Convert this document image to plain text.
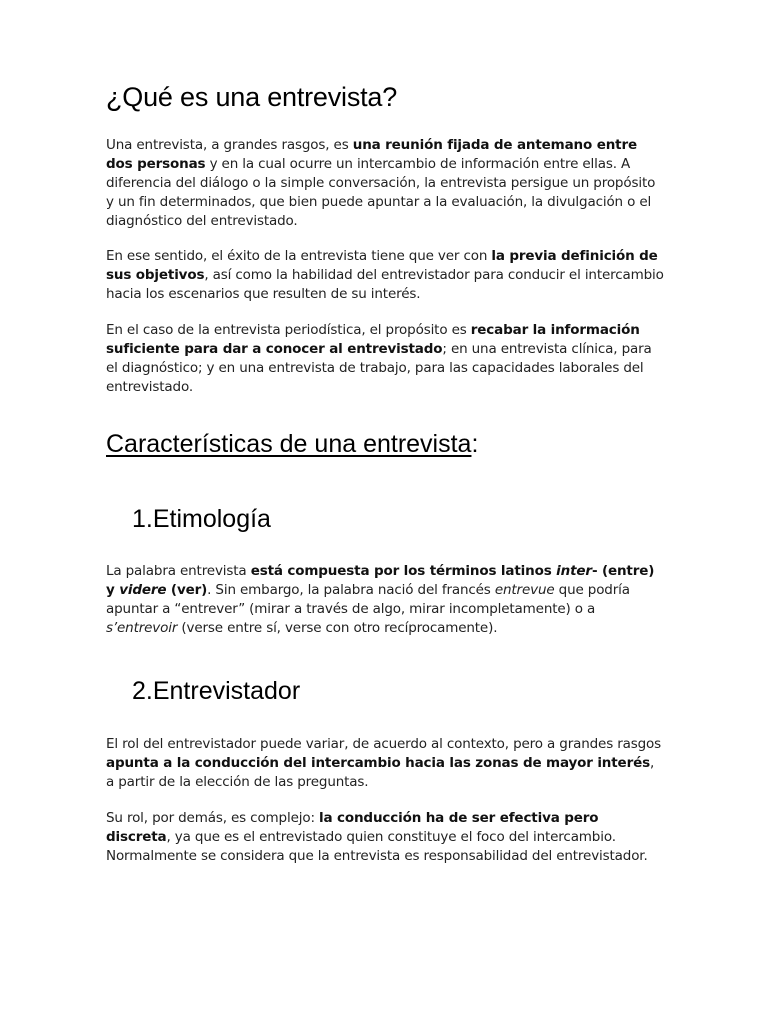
¿Qué es una entrevista?

Una entrevista, a grandes rasgos, es una reunión fijada de antemano entre dos personas y en la cual ocurre un intercambio de información entre ellas. A diferencia del diálogo o la simple conversación, la entrevista persigue un propósito y un fin determinados, que bien puede apuntar a la evaluación, la divulgación o el diagnóstico del entrevistado.

En ese sentido, el éxito de la entrevista tiene que ver con la previa definición de sus objetivos, así como la habilidad del entrevistador para conducir el intercambio hacia los escenarios que resulten de su interés.

En el caso de la entrevista periodística, el propósito es recabar la información suficiente para dar a conocer al entrevistado; en una entrevista clínica, para el diagnóstico; y en una entrevista de trabajo, para las capacidades laborales del entrevistado.

Características de una entrevista:
1.Etimología

La palabra entrevista está compuesta por los términos latinos inter- (entre) y videre (ver). Sin embargo, la palabra nació del francés entrevue que podría apuntar a “entrever” (mirar a través de algo, mirar incompletamente) o a s’entrevoir (verse entre sí, verse con otro recíprocamente).

2.Entrevistador

El rol del entrevistador puede variar, de acuerdo al contexto, pero a grandes rasgos apunta a la conducción del intercambio hacia las zonas de mayor interés, a partir de la elección de las preguntas.

Su rol, por demás, es complejo: la conducción ha de ser efectiva pero discreta, ya que es el entrevistado quien constituye el foco del intercambio. Normalmente se considera que la entrevista es responsabilidad del entrevistador.
